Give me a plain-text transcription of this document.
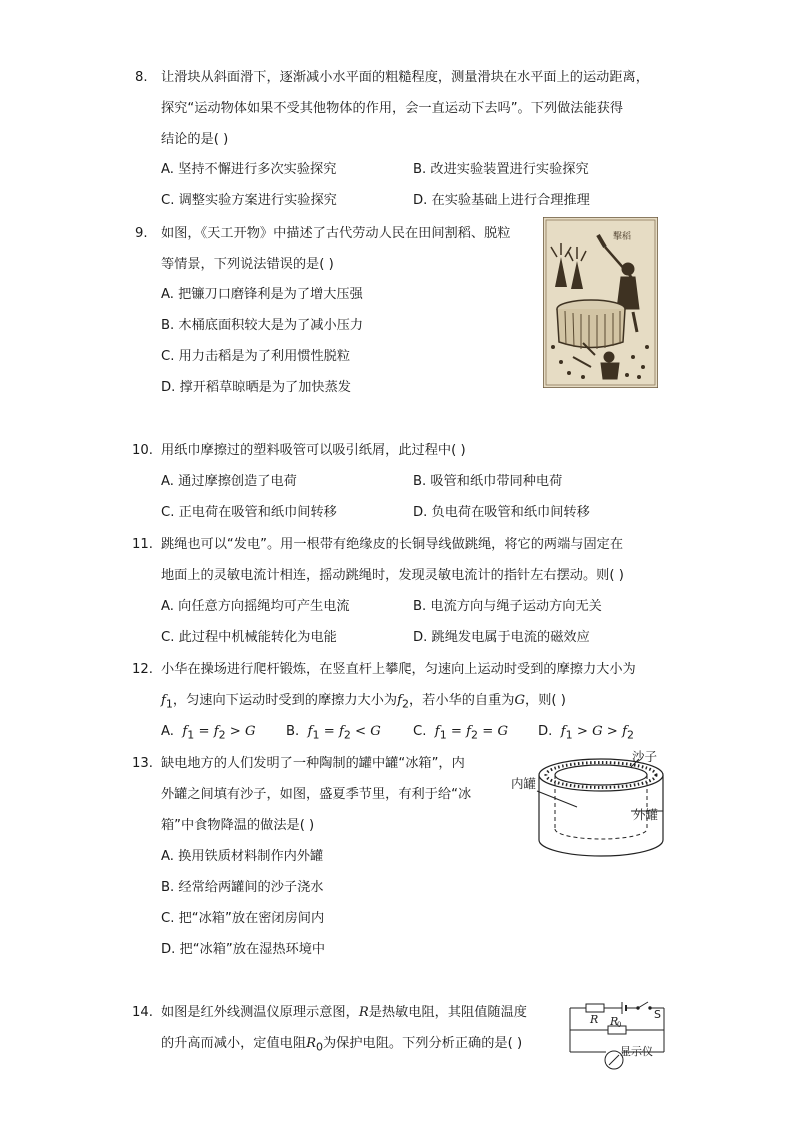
8. 让滑块从斜面滑下，逐渐减小水平面的粗糙程度，测量滑块在水平面上的运动距离，
探究“运动物体如果不受其他物体的作用，会一直运动下去吗”。下列做法能获得
结论的是( )
A. 坚持不懈进行多次实验探究	B. 改进实验装置进行实验探究
C. 调整实验方案进行实验探究	D. 在实验基础上进行合理推理
9. 如图，《天工开物》中描述了古代劳动人民在田间割稻、脱粒
等情景，下列说法错误的是( )
A. 把镰刀口磨锋利是为了增大压强
B. 木桶底面积较大是为了减小压力
C. 用力击稻是为了利用惯性脱粒
D. 撑开稻草晾晒是为了加快蒸发
擊稻
10. 用纸巾摩擦过的塑料吸管可以吸引纸屑，此过程中( )
A. 通过摩擦创造了电荷	B. 吸管和纸巾带同种电荷
C. 正电荷在吸管和纸巾间转移	D. 负电荷在吸管和纸巾间转移
11. 跳绳也可以“发电”。用一根带有绝缘皮的长铜导线做跳绳，将它的两端与固定在
地面上的灵敏电流计相连，摇动跳绳时，发现灵敏电流计的指针左右摆动。则( )
A. 向任意方向摇绳均可产生电流	B. 电流方向与绳子运动方向无关
C. 此过程中机械能转化为电能	D. 跳绳发电属于电流的磁效应
12. 小华在操场进行爬杆锻炼，在竖直杆上攀爬，匀速向上运动时受到的摩擦力大小为
$f_1$，匀速向下运动时受到的摩擦力大小为$f_2$，若小华的自重为G，则( )
A. $f_1 = f_2 > G$ B. $f_1 = f_2 < G$ C. $f_1 = f_2 = G$ D. $f_1 > G > f_2$
13. 缺电地方的人们发明了一种陶制的罐中罐“冰箱”，内
外罐之间填有沙子，如图，盛夏季节里，有利于给“冰
箱”中食物降温的做法是( )
A. 换用铁质材料制作内外罐
B. 经常给两罐间的沙子浇水
C. 把“冰箱”放在密闭房间内
D. 把“冰箱”放在湿热环境中
沙子
内罐
外罐
14. 如图是红外线测温仪原理示意图，R是热敏电阻，其阻值随温度
的升高而减小，定值电阻$R_0$为保护电阻。下列分析正确的是( )
R R
0
S
显示仪
